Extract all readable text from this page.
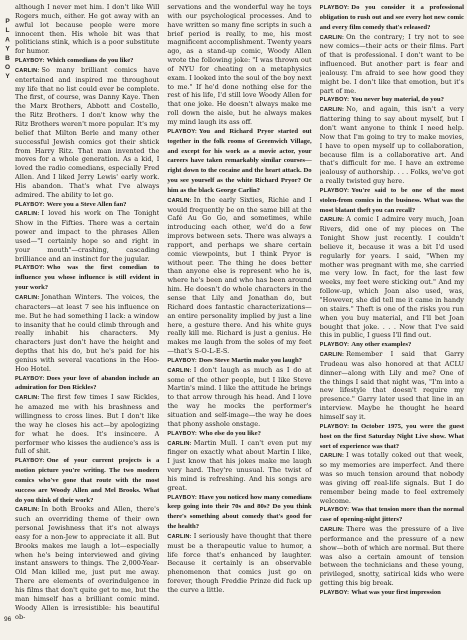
PLAYBOY
96

although I never met him. I don't like Will Rogers much, either. He got away with an awful lot because people were more innocent then. His whole bit was that politicians stink, which is a poor substitute for humor.

PLAYBOY: Which comedians do you like?

CARLIN: So many brilliant comics have entertained and inspired me throughout my life that no list could ever be complete. The first, of course, was Danny Kaye. Then the Marx Brothers, Abbott and Costello, the Ritz Brothers. I don't know why the Ritz Brothers weren't more popular. It's my belief that Milton Berle and many other successful Jewish comics got their shtick from Harry Ritz. That man invented the moves for a whole generation. As a kid, I loved the radio comedians, especially Fred Allen. And I liked Jerry Lewis' early work. His abandon. That's what I've always admired. The ability to let go.

PLAYBOY: Were you a Steve Allen fan?

CARLIN: I loved his work on The Tonight Show in the Fifties. There was a certain power and impact to the phrases Allen used—"I certainly hope so and right in your mouth"—crashing, cascading brilliance and an instinct for the jugular.

PLAYBOY: Who was the first comedian to influence you whose influence is still evident in your work?

CARLIN: Jonathan Winters. The voices, the characters—at least 7 see his influence on me. But he had something I lack: a window to insanity that he could climb through and really inhabit his characters. My characters just don't have the height and depths that his do, but he's paid for his genius with several vacations in the Hoo-Hoo Hotel.

PLAYBOY: Does your love of abandon include an admiration for Don Rickles?

CARLIN: The first few times I saw Rickles, he amazed me with his brashness and willingness to cross lines. But I don't like the way he closes his act—by apologizing for what he does. It's insincere. A performer who kisses the audience's ass is full of shit.

PLAYBOY: One of your current projects is a motion picture you're writing. The two modern comics who've gone that route with the most success are Woody Allen and Mel Brooks. What do you think of their work?

CARLIN: In both Brooks and Allen, there's such an overriding theme of their own personal Jewishness that it's not always easy for a non-Jew to appreciate it all. But Brooks makes me laugh a lot—especially when he's being interviewed and giving instant answers to things. The 2,000-Year-Old Man killed me, just put me away. There are elements of overindulgence in his films that don't quite get to me, but the man himself has a brilliant comic mind. Woody Allen is irresistible: his beautiful ob-

servations and the wonderful way he toys with our psychological processes. And to have written so many fine scripts in such a brief period is really, to me, his most magnificent accomplishment. Twenty years ago, as a stand-up comic, Woody Allen wrote the following joke: "I was thrown out of NYU for cheating on a metaphysics exam. I looked into the soul of the boy next to me." If he'd done nothing else for the rest of his life, I'd still love Woody Allen for that one joke. He doesn't always make me roll down the aisle, but he always makes my mind laugh its ass off.

PLAYBOY: You and Richard Pryor started out together in the folk rooms of Greenwich Village, and except for his work as a movie actor, your careers have taken remarkably similar courses—right down to the cocaine and the heart attack. Do you see yourself as the white Richard Pryor? Or him as the black George Carlin?

CARLIN: In the early Sixties, Richie and I would frequently be on the same bill at the Café Au Go Go, and sometimes, while introducing each other, we'd do a few improvs between sets. There was always a rapport, and perhaps we share certain comic viewpoints, but I think Pryor is without peer. The thing he does better than anyone else is represent who he is, where he's been and who has been around him. He doesn't do whole characters in the sense that Lily and Jonathan do, but Richard does fantastic characterizations—an entire personality implied by just a line here, a gesture there. And his white guys really kill me. Richard is just a genius. He makes me laugh from the soles of my feet—that's S-O-L-E-S.

PLAYBOY: Does Steve Martin make you laugh?

CARLIN: I don't laugh as much as I do at some of the other people, but I like Steve Martin's mind. I like the attitude he brings to that arrow through his head. And I love the way he mocks the performer's situation and self-image—the way he does that phony asshole onstage.

PLAYBOY: Who else do you like?

CARLIN: Martin Mull. I can't even put my finger on exactly what about Martin I like, I just know that his jokes make me laugh very hard. They're unusual. The twist of his mind is refreshing. And his songs are great.

PLAYBOY: Have you noticed how many comedians keep going into their 70s and 80s? Do you think there's something about comedy that's good for the health?

CARLIN: I seriously have thought that there must be a therapeutic value to humor, a life force that's enhanced by laughter. Because it certainly is an observable phenomenon that comics just go on forever, though Freddie Prinze did fuck up the curve a little.

PLAYBOY: Do you consider it a professional obligation to rush out and see every hot new comic and every film comedy that's released?

CARLIN: On the contrary; I try not to see new comics—their acts or their films. Part of that is professional. I don't want to be influenced. But another part is fear and jealousy. I'm afraid to see how good they might be. I don't like that emotion, but it's part of me.

PLAYBOY: You never buy material, do you?

CARLIN: No, and again, this isn't a very flattering thing to say about myself, but I don't want anyone to think I need help. Now that I'm going to try to make movies, I have to open myself up to collaboration, because film is a collaborative art. And that's difficult for me. I have an extreme jealousy of authorship. . . . Folks, we've got a really twisted guy here.

PLAYBOY: You're said to be one of the most stolen-from comics in the business. What was the most blatant theft you can recall?

CARLIN: A comic I admire very much, Joan Rivers, did one of my pieces on The Tonight Show just recently. I couldn't believe it, because it was a bit I'd used regularly for years. I said, "When my mother was pregnant with me, she carried me very low. In fact, for the last few weeks, my feet were sticking out." And my follow-up, which Joan also used, was, "However, she did tell me it came in handy on stairs." Theft is one of the risks you run when you buy material, and I'll bet Joan bought that joke. . . . Now that I've said this in public, I guess I'll find out.

PLAYBOY: Any other examples?

CARLIN: Remember I said that Garry Trudeau was also honored at that ACLU dinner—along with Lily and me? One of the things I said that night was, "I'm into a new lifestyle that doesn't require my presence." Garry later used that line in an interview. Maybe he thought he heard himself say it.

PLAYBOY: In October 1975, you were the guest host on the first Saturday Night Live show. What sort of experience was that?

CARLIN: I was totally coked out that week, so my memories are imperfect. And there was so much tension around that nobody was giving off real-life signals. But I do remember being made to feel extremely welcome.

PLAYBOY: Was that tension more than the normal case of opening-night jitters?

CARLIN: There was the pressure of a live performance and the pressure of a new show—both of which are normal. But there was also a certain amount of tension between the technicians and these young, privileged, snotty, satirical kids who were getting this big break.

PLAYBOY: What was your first impression
